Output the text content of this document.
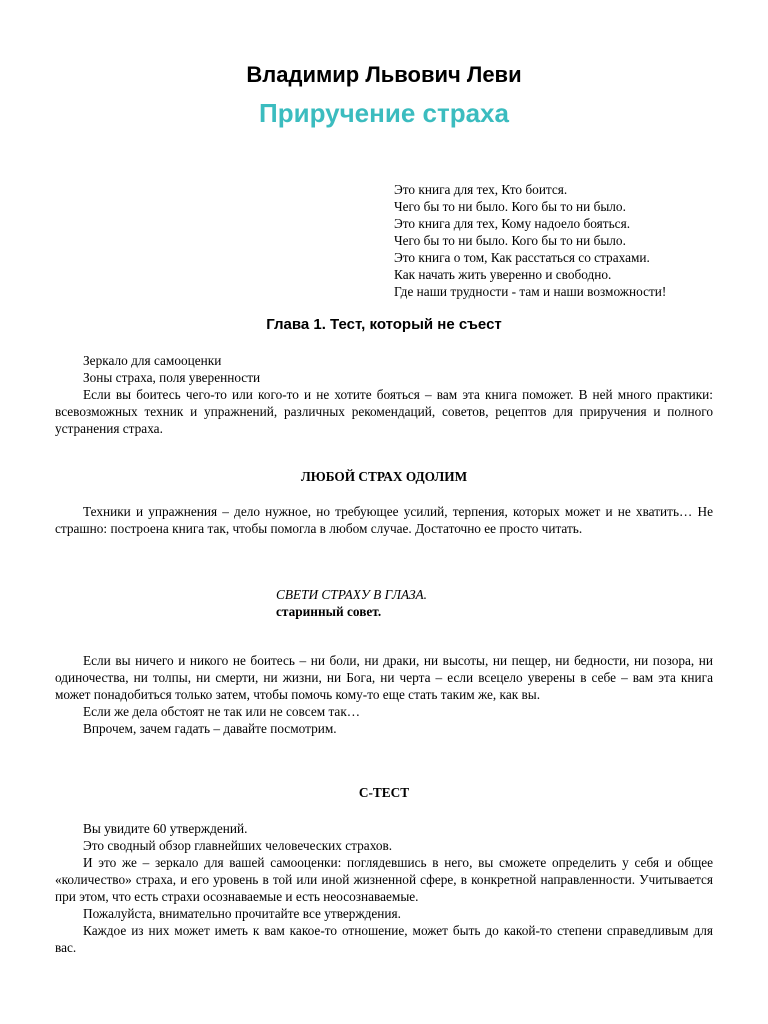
Владимир Львович Леви
Приручение страха
Это книга для тех, Кто боится.
Чего бы то ни было. Кого бы то ни было.
Это книга для тех, Кому надоело бояться.
Чего бы то ни было. Кого бы то ни было.
Это книга о том, Как расстаться со страхами.
Как начать жить уверенно и свободно.
Где наши трудности - там и наши возможности!
Глава 1. Тест, который не съест

Зеркало для самооценки

Зоны страха, поля уверенности

Если вы боитесь чего-то или кого-то и не хотите бояться – вам эта книга поможет. В ней много практики: всевозможных техник и упражнений, различных рекомендаций, советов, рецептов для приручения и полного устранения страха.

ЛЮБОЙ СТРАХ ОДОЛИМ

Техники и упражнения – дело нужное, но требующее усилий, терпения, которых может и не хватить… Не страшно: построена книга так, чтобы помогла в любом случае. Достаточно ее просто читать.

СВЕТИ СТРАХУ В ГЛАЗА.
старинный совет.

Если вы ничего и никого не боитесь – ни боли, ни драки, ни высоты, ни пещер, ни бедности, ни позора, ни одиночества, ни толпы, ни смерти, ни жизни, ни Бога, ни черта – если всецело уверены в себе – вам эта книга может понадобиться только затем, чтобы помочь кому-то еще стать таким же, как вы.

Если же дела обстоят не так или не совсем так…

Впрочем, зачем гадать – давайте посмотрим.

С-ТЕСТ

Вы увидите 60 утверждений.

Это сводный обзор главнейших человеческих страхов.

И это же – зеркало для вашей самооценки: поглядевшись в него, вы сможете определить у себя и общее «количество» страха, и его уровень в той или иной жизненной сфере, в конкретной направленности. Учитывается при этом, что есть страхи осознаваемые и есть неосознаваемые.

Пожалуйста, внимательно прочитайте все утверждения.

Каждое из них может иметь к вам какое-то отношение, может быть до какой-то степени справедливым для вас.
